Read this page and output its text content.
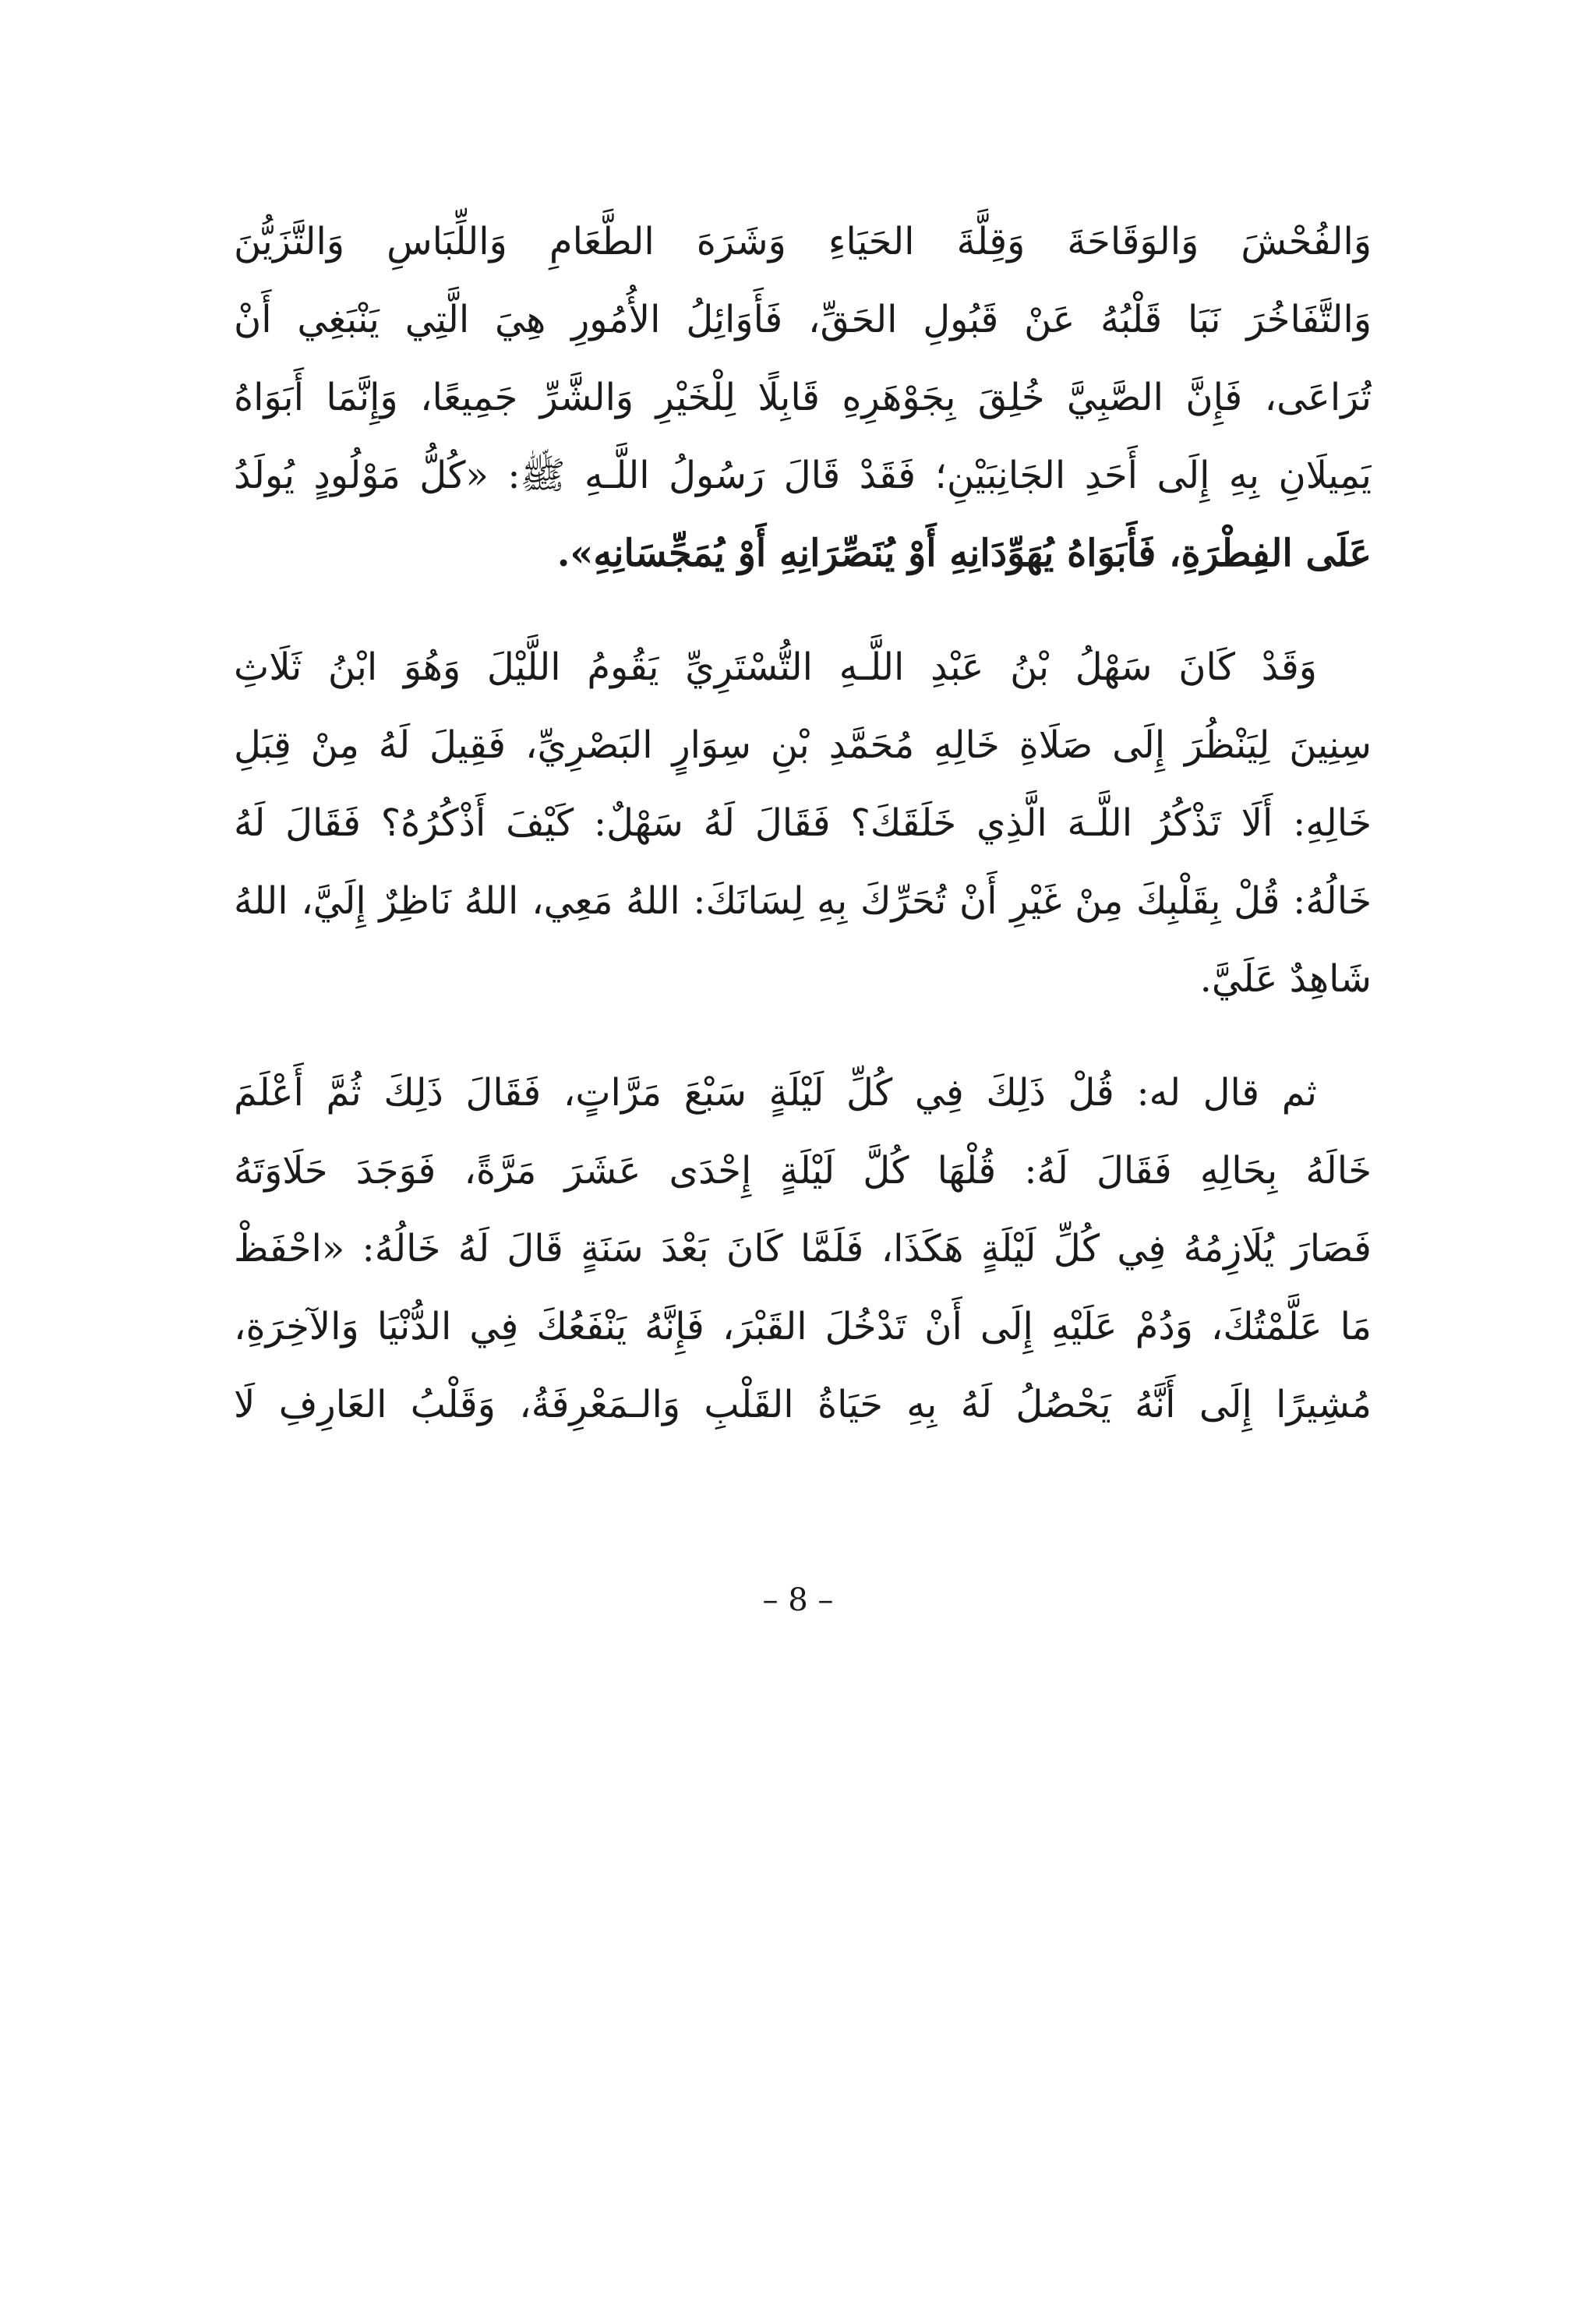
وَالفُحْشَ وَالوَقَاحَةَ وَقِلَّةَ الحَيَاءِ وَشَرَهَ الطَّعَامِ وَاللِّبَاسِ وَالتَّزَيُّنَ
وَالتَّفَاخُرَ نَبَا قَلْبُهُ عَنْ قَبُولِ الحَقِّ، فَأَوَائِلُ الأُمُورِ هِيَ الَّتِي يَنْبَغِي أَنْ
تُرَاعَى، فَإِنَّ الصَّبِيَّ خُلِقَ بِجَوْهَرِهِ قَابِلًا لِلْخَيْرِ وَالشَّرِّ جَمِيعًا، وَإِنَّمَا أَبَوَاهُ
يَمِيلَانِ بِهِ إِلَى أَحَدِ الجَانِبَيْنِ؛ فَقَدْ قَالَ رَسُولُ اللَّـهِ ﷺ: «كُلُّ مَوْلُودٍ يُولَدُ
عَلَى الفِطْرَةِ، فَأَبَوَاهُ يُهَوِّدَانِهِ أَوْ يُنَصِّرَانِهِ أَوْ يُمَجِّسَانِهِ».
وَقَدْ كَانَ سَهْلُ بْنُ عَبْدِ اللَّـهِ التُّسْتَرِيِّ يَقُومُ اللَّيْلَ وَهُوَ ابْنُ ثَلَاثِ
سِنِينَ لِيَنْظُرَ إِلَى صَلَاةِ خَالِهِ مُحَمَّدِ بْنِ سِوَارٍ البَصْرِيِّ، فَقِيلَ لَهُ مِنْ قِبَلِ
خَالِهِ: أَلَا تَذْكُرُ اللَّـهَ الَّذِي خَلَقَكَ؟ فَقَالَ لَهُ سَهْلٌ: كَيْفَ أَذْكُرُهُ؟ فَقَالَ لَهُ
خَالُهُ: قُلْ بِقَلْبِكَ مِنْ غَيْرِ أَنْ تُحَرِّكَ بِهِ لِسَانَكَ: اللهُ مَعِي، اللهُ نَاظِرٌ إِلَيَّ، اللهُ
شَاهِدٌ عَلَيَّ.
ثم قال له: قُلْ ذَلِكَ فِي كُلِّ لَيْلَةٍ سَبْعَ مَرَّاتٍ، فَقَالَ ذَلِكَ ثُمَّ أَعْلَمَ
خَالَهُ بِحَالِهِ فَقَالَ لَهُ: قُلْهَا كُلَّ لَيْلَةٍ إِحْدَى عَشَرَ مَرَّةً، فَوَجَدَ حَلَاوَتَهُ
فَصَارَ يُلَازِمُهُ فِي كُلِّ لَيْلَةٍ هَكَذَا، فَلَمَّا كَانَ بَعْدَ سَنَةٍ قَالَ لَهُ خَالُهُ: «احْفَظْ
مَا عَلَّمْتُكَ، وَدُمْ عَلَيْهِ إِلَى أَنْ تَدْخُلَ القَبْرَ، فَإِنَّهُ يَنْفَعُكَ فِي الدُّنْيَا وَالآخِرَةِ،
مُشِيرًا إِلَى أَنَّهُ يَحْصُلُ لَهُ بِهِ حَيَاةُ القَلْبِ وَالـمَعْرِفَةُ، وَقَلْبُ العَارِفِ لَا
– 8 –
